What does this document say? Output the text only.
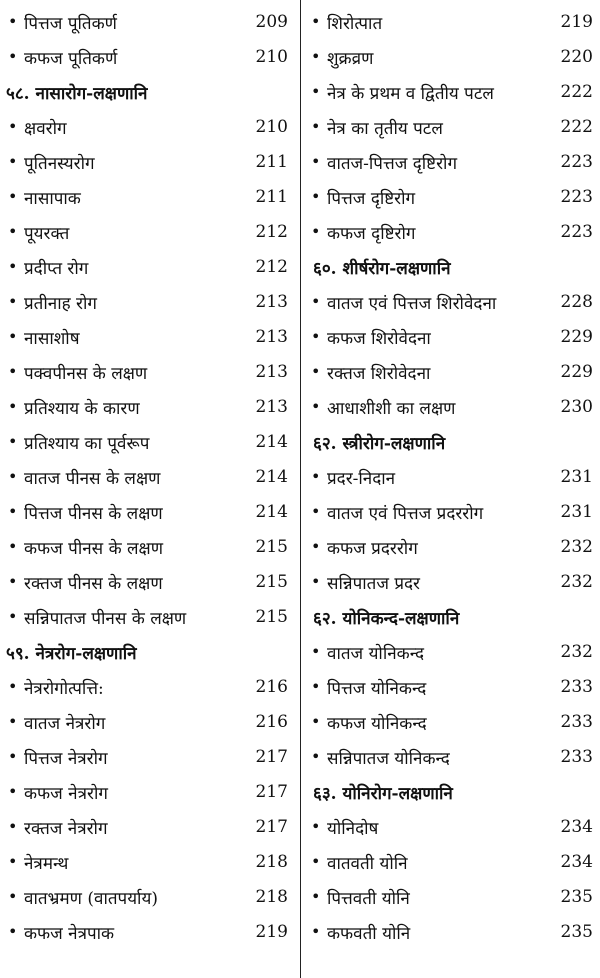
• पित्तज पूतिकर्ण	209
• कफज पूतिकर्ण	210
५८. नासारोग-लक्षणानि
• क्षवरोग	210
• पूतिनस्यरोग	211
• नासापाक	211
• पूयरक्त	212
• प्रदीप्त रोग	212
• प्रतीनाह रोग	213
• नासाशोष	213
• पक्वपीनस के लक्षण	213
• प्रतिश्याय के कारण	213
• प्रतिश्याय का पूर्वरूप	214
• वातज पीनस के लक्षण	214
• पित्तज पीनस के लक्षण	214
• कफज पीनस के लक्षण	215
• रक्तज पीनस के लक्षण	215
• सन्निपातज पीनस के लक्षण	215
५९. नेत्ररोग-लक्षणानि
• नेत्ररोगोत्पत्ति:	216
• वातज नेत्ररोग	216
• पित्तज नेत्ररोग	217
• कफज नेत्ररोग	217
• रक्तज नेत्ररोग	217
• नेत्रमन्थ	218
• वातभ्रमण (वातपर्याय)	218
• कफज नेत्रपाक	219
• शिरोत्पात	219
• शुक्रव्रण	220
• नेत्र के प्रथम व द्वितीय पटल	222
• नेत्र का तृतीय पटल	222
• वातज-पित्तज दृष्टिरोग	223
• पित्तज दृष्टिरोग	223
• कफज दृष्टिरोग	223
६०. शीर्षरोग-लक्षणानि
• वातज एवं पित्तज शिरोवेदना	228
• कफज शिरोवेदना	229
• रक्तज शिरोवेदना	229
• आधाशीशी का लक्षण	230
६२. स्त्रीरोग-लक्षणानि
• प्रदर-निदान	231
• वातज एवं पित्तज प्रदररोग	231
• कफज प्रदररोग	232
• सन्निपातज प्रदर	232
६२. योनिकन्द-लक्षणानि
• वातज योनिकन्द	232
• पित्तज योनिकन्द	233
• कफज योनिकन्द	233
• सन्निपातज योनिकन्द	233
६३. योनिरोग-लक्षणानि
• योनिदोष	234
• वातवती योनि	234
• पित्तवती योनि	235
• कफवती योनि	235
